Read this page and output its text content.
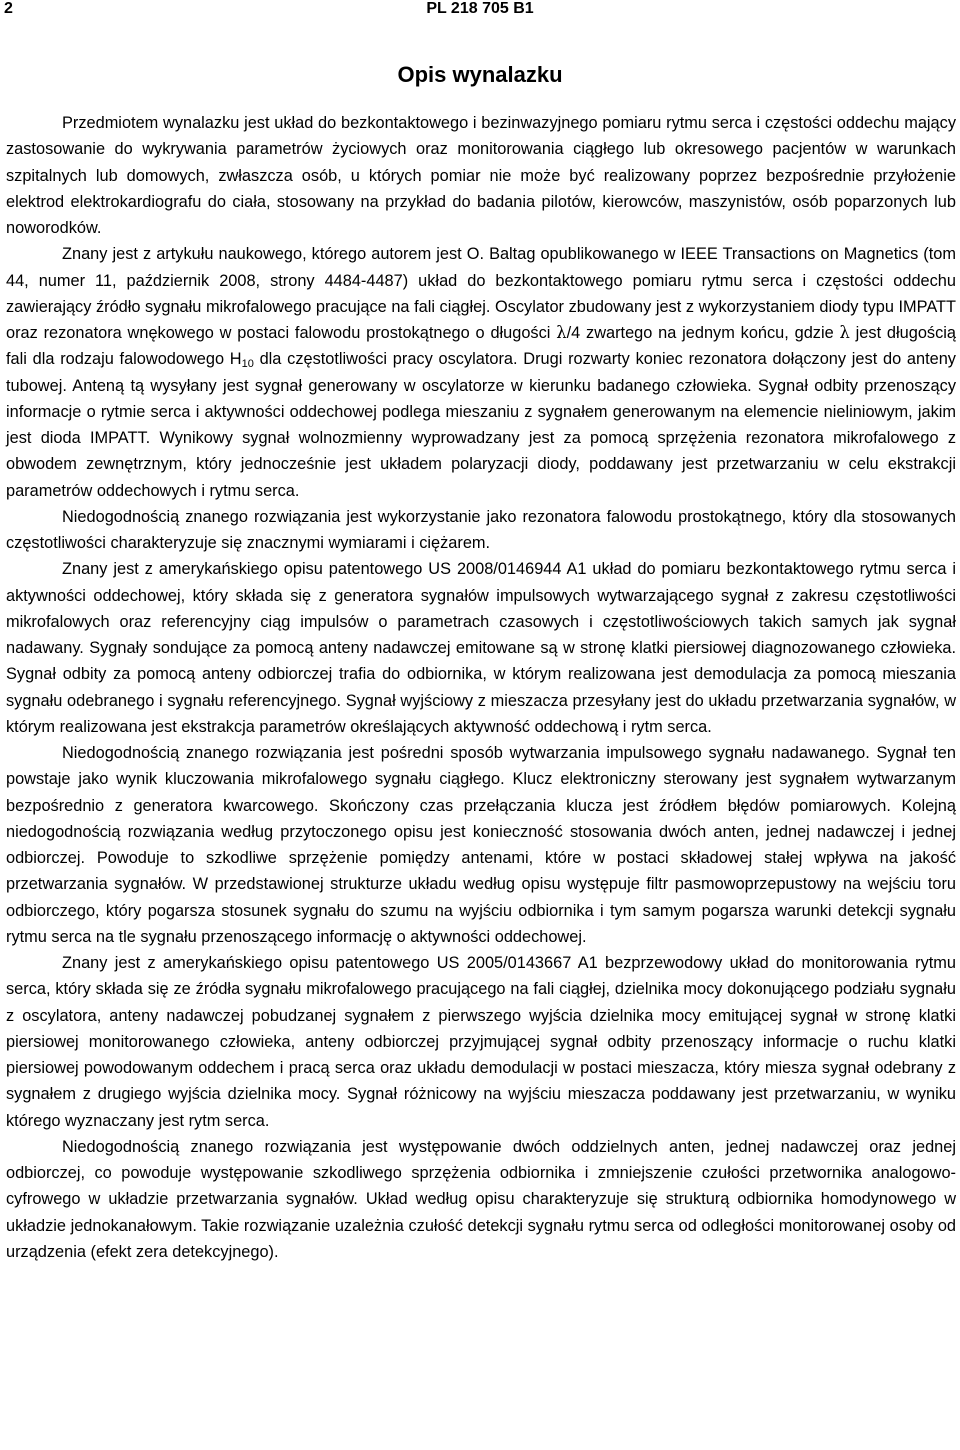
2	PL 218 705 B1
Opis wynalazku

Przedmiotem wynalazku jest układ do bezkontaktowego i bezinwazyjnego pomiaru rytmu serca i częstości oddechu mający zastosowanie do wykrywania parametrów życiowych oraz monitorowania ciągłego lub okresowego pacjentów w warunkach szpitalnych lub domowych, zwłaszcza osób, u których pomiar nie może być realizowany poprzez bezpośrednie przyłożenie elektrod elektrokardiografu do ciała, stosowany na przykład do badania pilotów, kierowców, maszynistów, osób poparzonych lub noworodków.

Znany jest z artykułu naukowego, którego autorem jest O. Baltag opublikowanego w IEEE Transactions on Magnetics (tom 44, numer 11, październik 2008, strony 4484-4487) układ do bezkontaktowego pomiaru rytmu serca i częstości oddechu zawierający źródło sygnału mikrofalowego pracujące na fali ciągłej. Oscylator zbudowany jest z wykorzystaniem diody typu IMPATT oraz rezonatora wnękowego w postaci falowodu prostokątnego o długości λ/4 zwartego na jednym końcu, gdzie λ jest długością fali dla rodzaju falowodowego $H_{10}$ dla częstotliwości pracy oscylatora. Drugi rozwarty koniec rezonatora dołączony jest do anteny tubowej. Anteną tą wysyłany jest sygnał generowany w oscylatorze w kierunku badanego człowieka. Sygnał odbity przenoszący informacje o rytmie serca i aktywności oddechowej podlega mieszaniu z sygnałem generowanym na elemencie nieliniowym, jakim jest dioda IMPATT. Wynikowy sygnał wolnozmienny wyprowadzany jest za pomocą sprzężenia rezonatora mikrofalowego z obwodem zewnętrznym, który jednocześnie jest układem polaryzacji diody, poddawany jest przetwarzaniu w celu ekstrakcji parametrów oddechowych i rytmu serca.

Niedogodnością znanego rozwiązania jest wykorzystanie jako rezonatora falowodu prostokątnego, który dla stosowanych częstotliwości charakteryzuje się znacznymi wymiarami i ciężarem.

Znany jest z amerykańskiego opisu patentowego US 2008/0146944 A1 układ do pomiaru bezkontaktowego rytmu serca i aktywności oddechowej, który składa się z generatora sygnałów impulsowych wytwarzającego sygnał z zakresu częstotliwości mikrofalowych oraz referencyjny ciąg impulsów o parametrach czasowych i częstotliwościowych takich samych jak sygnał nadawany. Sygnały sondujące za pomocą anteny nadawczej emitowane są w stronę klatki piersiowej diagnozowanego człowieka. Sygnał odbity za pomocą anteny odbiorczej trafia do odbiornika, w którym realizowana jest demodulacja za pomocą mieszania sygnału odebranego i sygnału referencyjnego. Sygnał wyjściowy z mieszacza przesyłany jest do układu przetwarzania sygnałów, w którym realizowana jest ekstrakcja parametrów określających aktywność oddechową i rytm serca.

Niedogodnością znanego rozwiązania jest pośredni sposób wytwarzania impulsowego sygnału nadawanego. Sygnał ten powstaje jako wynik kluczowania mikrofalowego sygnału ciągłego. Klucz elektroniczny sterowany jest sygnałem wytwarzanym bezpośrednio z generatora kwarcowego. Skończony czas przełączania klucza jest źródłem błędów pomiarowych. Kolejną niedogodnością rozwiązania według przytoczonego opisu jest konieczność stosowania dwóch anten, jednej nadawczej i jednej odbiorczej. Powoduje to szkodliwe sprzężenie pomiędzy antenami, które w postaci składowej stałej wpływa na jakość przetwarzania sygnałów. W przedstawionej strukturze układu według opisu występuje filtr pasmowoprzepustowy na wejściu toru odbiorczego, który pogarsza stosunek sygnału do szumu na wyjściu odbiornika i tym samym pogarsza warunki detekcji sygnału rytmu serca na tle sygnału przenoszącego informację o aktywności oddechowej.

Znany jest z amerykańskiego opisu patentowego US 2005/0143667 A1 bezprzewodowy układ do monitorowania rytmu serca, który składa się ze źródła sygnału mikrofalowego pracującego na fali ciągłej, dzielnika mocy dokonującego podziału sygnału z oscylatora, anteny nadawczej pobudzanej sygnałem z pierwszego wyjścia dzielnika mocy emitującej sygnał w stronę klatki piersiowej monitorowanego człowieka, anteny odbiorczej przyjmującej sygnał odbity przenoszący informacje o ruchu klatki piersiowej powodowanym oddechem i pracą serca oraz układu demodulacji w postaci mieszacza, który miesza sygnał odebrany z sygnałem z drugiego wyjścia dzielnika mocy. Sygnał różnicowy na wyjściu mieszacza poddawany jest przetwarzaniu, w wyniku którego wyznaczany jest rytm serca.

Niedogodnością znanego rozwiązania jest występowanie dwóch oddzielnych anten, jednej nadawczej oraz jednej odbiorczej, co powoduje występowanie szkodliwego sprzężenia odbiornika i zmniejszenie czułości przetwornika analogowo-cyfrowego w układzie przetwarzania sygnałów. Układ według opisu charakteryzuje się strukturą odbiornika homodynowego w układzie jednokanałowym. Takie rozwiązanie uzależnia czułość detekcji sygnału rytmu serca od odległości monitorowanej osoby od urządzenia (efekt zera detekcyjnego).
